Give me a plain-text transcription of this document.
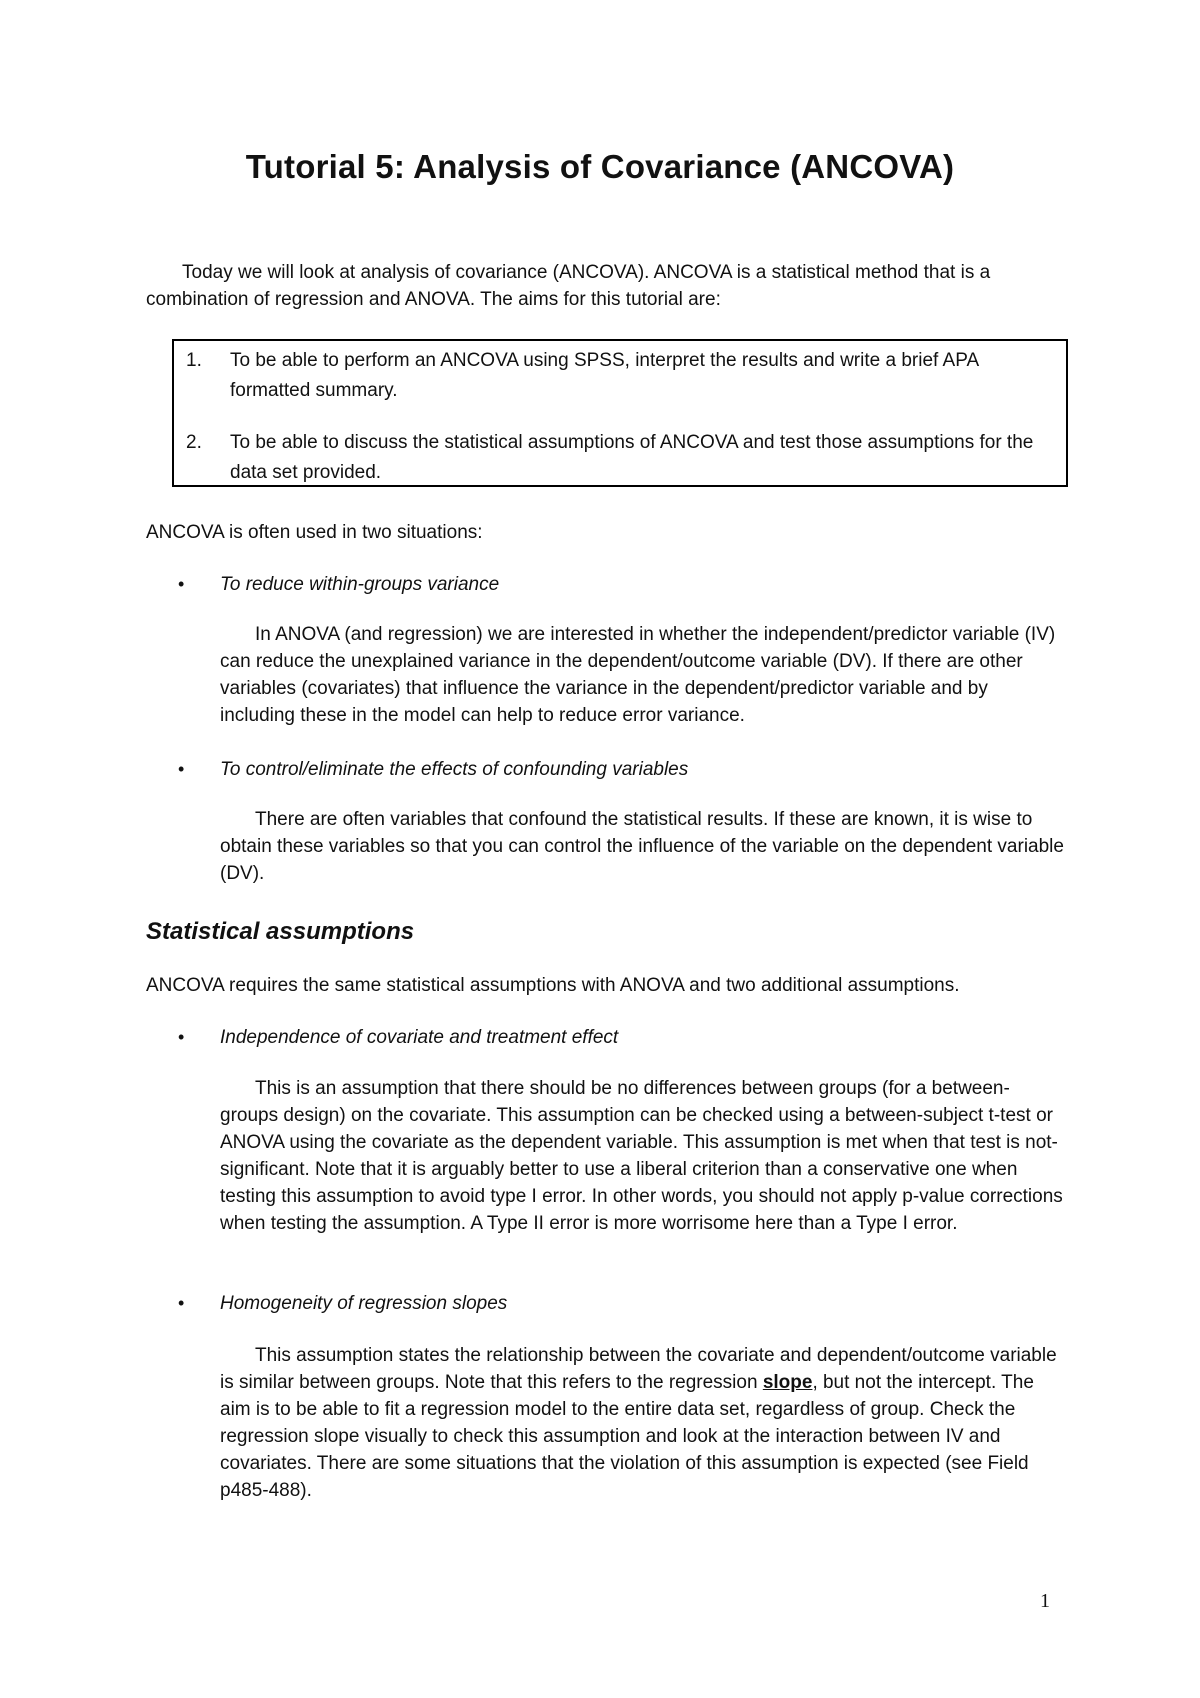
Tutorial 5: Analysis of Covariance (ANCOVA)

Today we will look at analysis of covariance (ANCOVA). ANCOVA is a statistical method that is a combination of regression and ANOVA. The aims for this tutorial are:

1. To be able to perform an ANCOVA using SPSS, interpret the results and write a brief APA formatted summary.
2. To be able to discuss the statistical assumptions of ANCOVA and test those assumptions for the data set provided.

ANCOVA is often used in two situations:

• To reduce within-groups variance

In ANOVA (and regression) we are interested in whether the independent/predictor variable (IV) can reduce the unexplained variance in the dependent/outcome variable (DV). If there are other variables (covariates) that influence the variance in the dependent/predictor variable and by including these in the model can help to reduce error variance.

• To control/eliminate the effects of confounding variables

There are often variables that confound the statistical results. If these are known, it is wise to obtain these variables so that you can control the influence of the variable on the dependent variable (DV).

Statistical assumptions

ANCOVA requires the same statistical assumptions with ANOVA and two additional assumptions.

• Independence of covariate and treatment effect

This is an assumption that there should be no differences between groups (for a between-groups design) on the covariate. This assumption can be checked using a between-subject t-test or ANOVA using the covariate as the dependent variable. This assumption is met when that test is not-significant. Note that it is arguably better to use a liberal criterion than a conservative one when testing this assumption to avoid type I error. In other words, you should not apply p-value corrections when testing the assumption. A Type II error is more worrisome here than a Type I error.

• Homogeneity of regression slopes

This assumption states the relationship between the covariate and dependent/outcome variable is similar between groups. Note that this refers to the regression slope, but not the intercept. The aim is to be able to fit a regression model to the entire data set, regardless of group. Check the regression slope visually to check this assumption and look at the interaction between IV and covariates. There are some situations that the violation of this assumption is expected (see Field p485-488).

1
